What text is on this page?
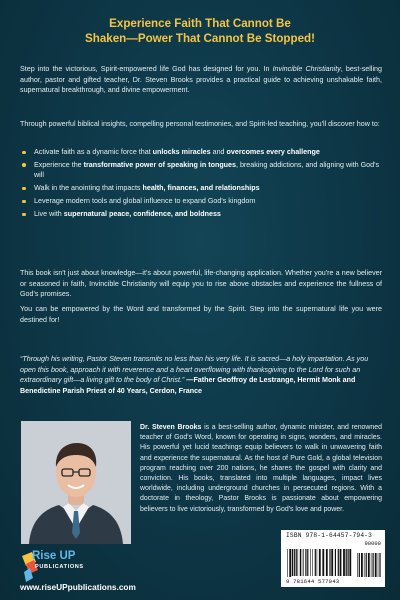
Experience Faith That Cannot Be
Shaken—Power That Cannot Be Stopped!

Step into the victorious, Spirit-empowered life God has designed for you. In Invincible Christianity, best-selling author, pastor and gifted teacher, Dr. Steven Brooks provides a practical guide to achieving unshakable faith, supernatural breakthrough, and divine empowerment.

Through powerful biblical insights, compelling personal testimonies, and Spirit-led teaching, you'll discover how to:

Activate faith as a dynamic force that unlocks miracles and overcomes every challenge
Experience the transformative power of speaking in tongues, breaking addictions, and aligning with God's will
Walk in the anointing that impacts health, finances, and relationships
Leverage modern tools and global influence to expand God's kingdom
Live with supernatural peace, confidence, and boldness

This book isn't just about knowledge—it's about powerful, life-changing application. Whether you're a new believer or seasoned in faith, Invincible Christianity will equip you to rise above obstacles and experience the fullness of God's promises.

You can be empowered by the Word and transformed by the Spirit. Step into the supernatural life you were destined for!

“Through his writing, Pastor Steven transmits no less than his very life. It is sacred—a holy impartation. As you open this book, approach it with reverence and a heart overflowing with thanksgiving to the Lord for such an extraordinary gift—a living gift to the body of Christ.” —Father Geoffroy de Lestrange, Hermit Monk and Benedictine Parish Priest of 40 Years, Cerdon, France

Dr. Steven Brooks is a best-selling author, dynamic minister, and renowned teacher of God's Word, known for operating in signs, wonders, and miracles. His powerful yet lucid teachings equip believers to walk in unwavering faith and experience the supernatural. As the host of Pure Gold, a global television program reaching over 200 nations, he shares the gospel with clarity and conviction. His books, translated into multiple languages, impact lives worldwide, including underground churches in persecuted regions. With a doctorate in theology, Pastor Brooks is passionate about empowering believers to live victoriously, transformed by God's love and power.

Rise UP
PUBLICATIONS
www.riseUPpublications.com
ISBN 978-1-64457-794-3
90000
9 781644 577943
